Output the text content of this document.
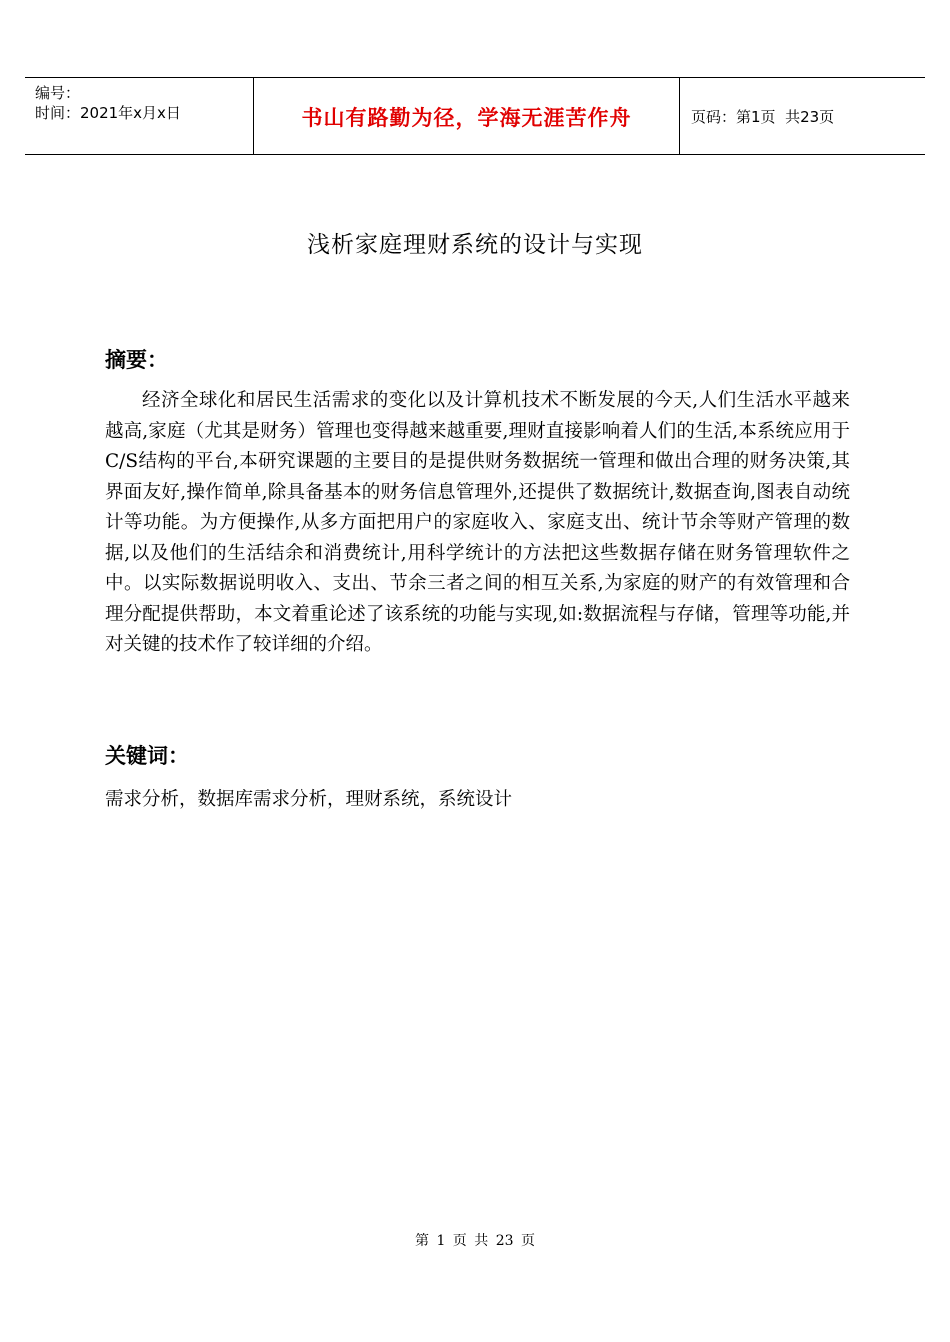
编号：
时间：2021年x月x日	书山有路勤为径，学海无涯苦作舟	页码：第1页  共23页
浅析家庭理财系统的设计与实现
摘要：

经济全球化和居民生活需求的变化以及计算机技术不断发展的今天,人们生活水平越来越高,家庭（尤其是财务）管理也变得越来越重要,理财直接影响着人们的生活,本系统应用于C/S结构的平台,本研究课题的主要目的是提供财务数据统一管理和做出合理的财务决策,其界面友好,操作简单,除具备基本的财务信息管理外,还提供了数据统计,数据查询,图表自动统计等功能。为方便操作,从多方面把用户的家庭收入、家庭支出、统计节余等财产管理的数据,以及他们的生活结余和消费统计,用科学统计的方法把这些数据存储在财务管理软件之中。以实际数据说明收入、支出、节余三者之间的相互关系,为家庭的财产的有效管理和合理分配提供帮助，本文着重论述了该系统的功能与实现,如:数据流程与存储，管理等功能,并对关键的技术作了较详细的介绍。

关键词：
需求分析，数据库需求分析，理财系统，系统设计
第 1 页 共 23 页
